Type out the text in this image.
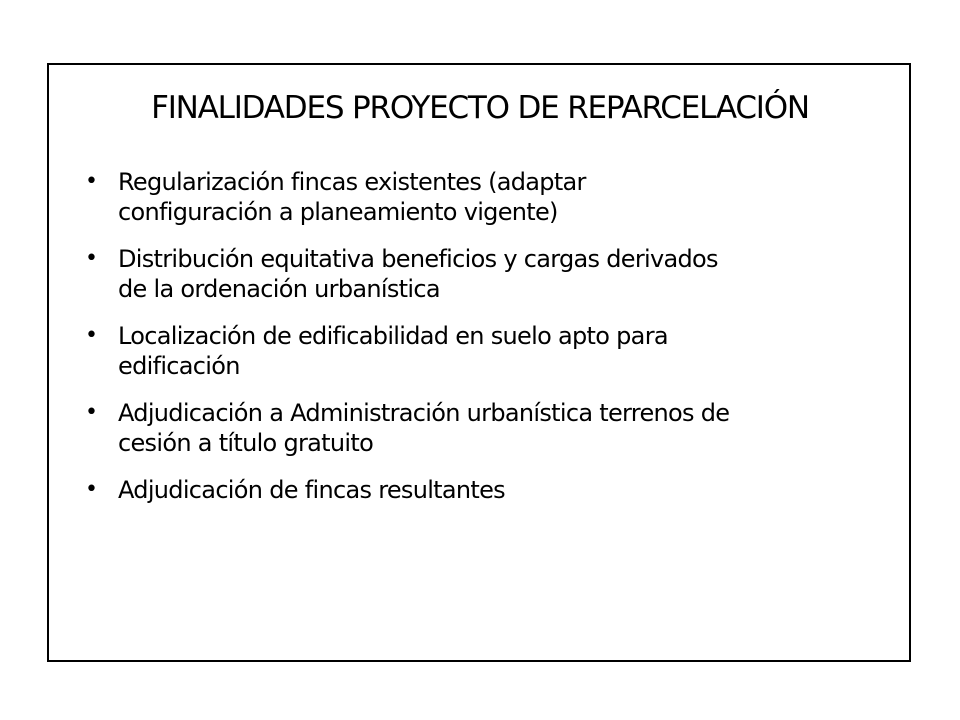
FINALIDADES PROYECTO DE REPARCELACIÓN
• Regularización fincas existentes (adaptar
configuración a planeamiento vigente)
• Distribución equitativa beneficios y cargas derivados
de la ordenación urbanística
• Localización de edificabilidad en suelo apto para
edificación
• Adjudicación a Administración urbanística terrenos de
cesión a título gratuito
• Adjudicación de fincas resultantes
